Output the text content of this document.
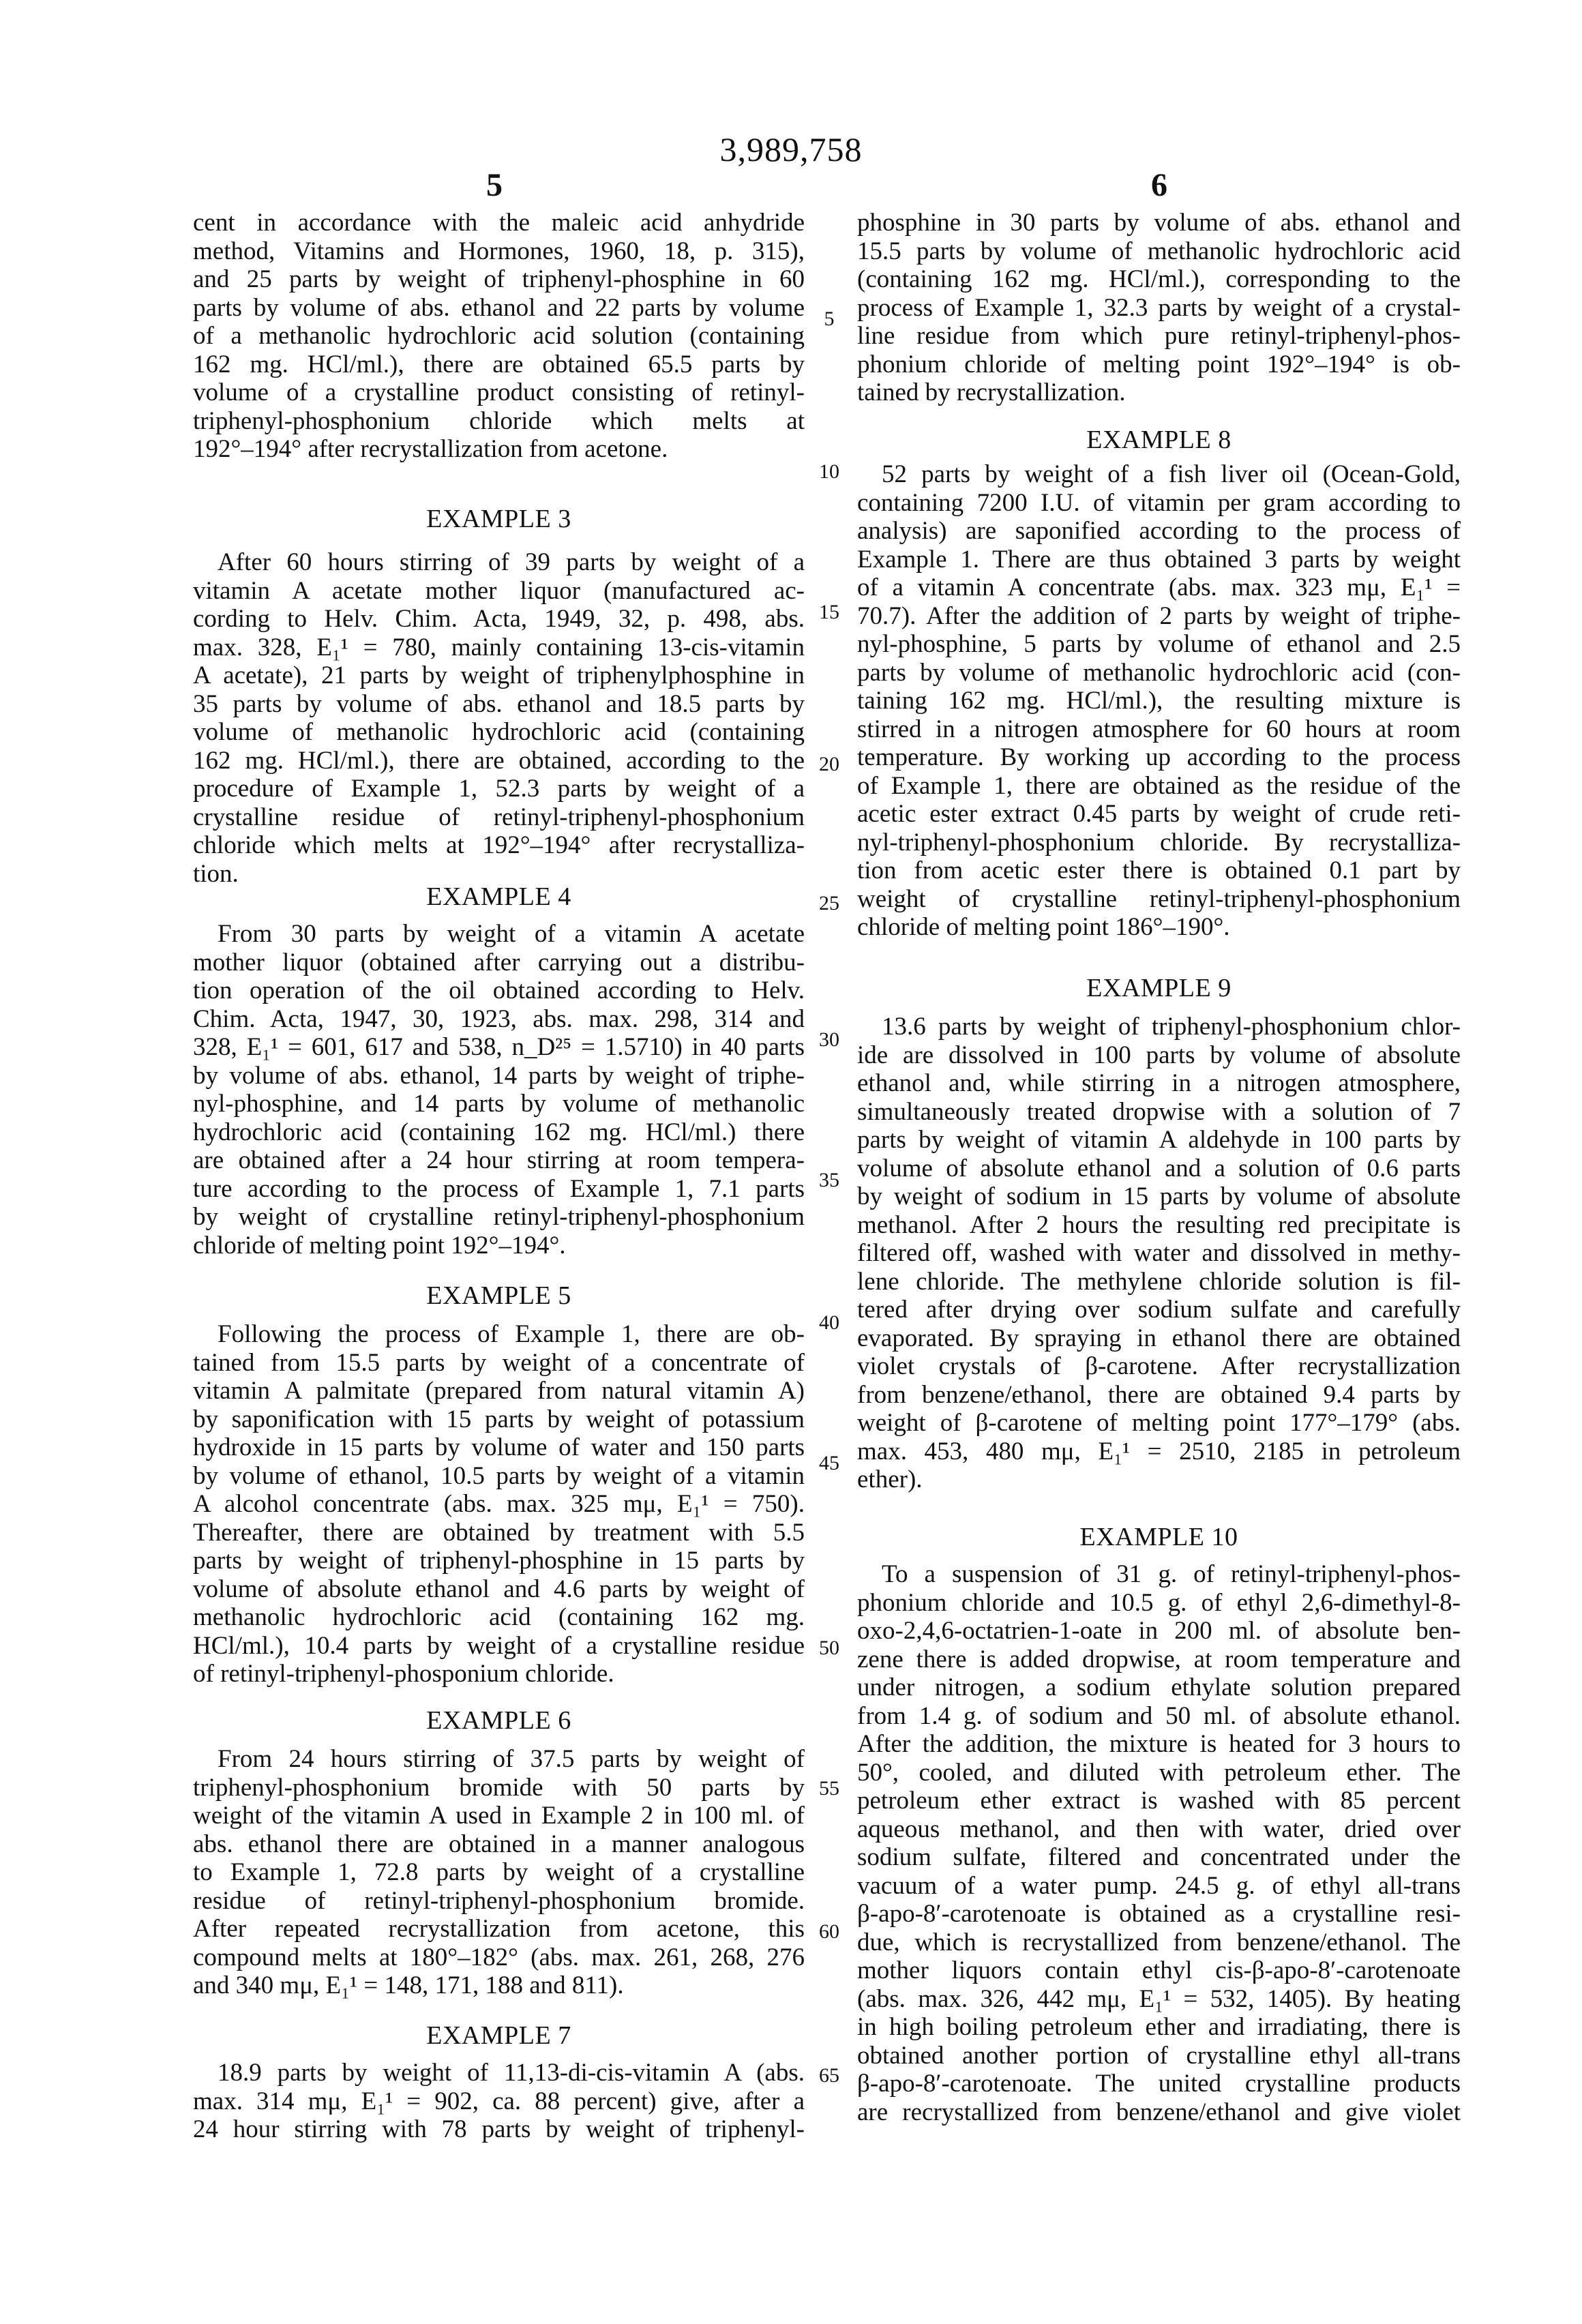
3,989,758
5	6
cent in accordance with the maleic acid anhydride
method, Vitamins and Hormones, 1960, 18, p. 315),
and 25 parts by weight of triphenyl-phosphine in 60
parts by volume of abs. ethanol and 22 parts by volume
of a methanolic hydrochloric acid solution (containing
162 mg. HCl/ml.), there are obtained 65.5 parts by
volume of a crystalline product consisting of retinyl-
triphenyl-phosphonium chloride which melts at
192°–194° after recrystallization from acetone.
EXAMPLE 3
After 60 hours stirring of 39 parts by weight of a
vitamin A acetate mother liquor (manufactured ac-
cording to Helv. Chim. Acta, 1949, 32, p. 498, abs.
max. 328, E₁¹ = 780, mainly containing 13-cis-vitamin
A acetate), 21 parts by weight of triphenylphosphine in
35 parts by volume of abs. ethanol and 18.5 parts by
volume of methanolic hydrochloric acid (containing
162 mg. HCl/ml.), there are obtained, according to the
procedure of Example 1, 52.3 parts by weight of a
crystalline residue of retinyl-triphenyl-phosphonium
chloride which melts at 192°–194° after recrystalliza-
tion.
EXAMPLE 4
From 30 parts by weight of a vitamin A acetate
mother liquor (obtained after carrying out a distribu-
tion operation of the oil obtained according to Helv.
Chim. Acta, 1947, 30, 1923, abs. max. 298, 314 and
328, E₁¹ = 601, 617 and 538, n_D²⁵ = 1.5710) in 40 parts
by volume of abs. ethanol, 14 parts by weight of triphe-
nyl-phosphine, and 14 parts by volume of methanolic
hydrochloric acid (containing 162 mg. HCl/ml.) there
are obtained after a 24 hour stirring at room tempera-
ture according to the process of Example 1, 7.1 parts
by weight of crystalline retinyl-triphenyl-phosphonium
chloride of melting point 192°–194°.
EXAMPLE 5
Following the process of Example 1, there are ob-
tained from 15.5 parts by weight of a concentrate of
vitamin A palmitate (prepared from natural vitamin A)
by saponification with 15 parts by weight of potassium
hydroxide in 15 parts by volume of water and 150 parts
by volume of ethanol, 10.5 parts by weight of a vitamin
A alcohol concentrate (abs. max. 325 mμ, E₁¹ = 750).
Thereafter, there are obtained by treatment with 5.5
parts by weight of triphenyl-phosphine in 15 parts by
volume of absolute ethanol and 4.6 parts by weight of
methanolic hydrochloric acid (containing 162 mg.
HCl/ml.), 10.4 parts by weight of a crystalline residue
of retinyl-triphenyl-phosponium chloride.
EXAMPLE 6
From 24 hours stirring of 37.5 parts by weight of
triphenyl-phosphonium bromide with 50 parts by
weight of the vitamin A used in Example 2 in 100 ml. of
abs. ethanol there are obtained in a manner analogous
to Example 1, 72.8 parts by weight of a crystalline
residue of retinyl-triphenyl-phosphonium bromide.
After repeated recrystallization from acetone, this
compound melts at 180°–182° (abs. max. 261, 268, 276
and 340 mμ, E₁¹ = 148, 171, 188 and 811).
EXAMPLE 7
18.9 parts by weight of 11,13-di-cis-vitamin A (abs.
max. 314 mμ, E₁¹ = 902, ca. 88 percent) give, after a
24 hour stirring with 78 parts by weight of triphenyl-
phosphine in 30 parts by volume of abs. ethanol and
15.5 parts by volume of methanolic hydrochloric acid
(containing 162 mg. HCl/ml.), corresponding to the
process of Example 1, 32.3 parts by weight of a crystal-
line residue from which pure retinyl-triphenyl-phos-
phonium chloride of melting point 192°–194° is ob-
tained by recrystallization.
EXAMPLE 8
52 parts by weight of a fish liver oil (Ocean-Gold,
containing 7200 I.U. of vitamin per gram according to
analysis) are saponified according to the process of
Example 1. There are thus obtained 3 parts by weight
of a vitamin A concentrate (abs. max. 323 mμ, E₁¹ =
70.7). After the addition of 2 parts by weight of triphe-
nyl-phosphine, 5 parts by volume of ethanol and 2.5
parts by volume of methanolic hydrochloric acid (con-
taining 162 mg. HCl/ml.), the resulting mixture is
stirred in a nitrogen atmosphere for 60 hours at room
temperature. By working up according to the process
of Example 1, there are obtained as the residue of the
acetic ester extract 0.45 parts by weight of crude reti-
nyl-triphenyl-phosphonium chloride. By recrystalliza-
tion from acetic ester there is obtained 0.1 part by
weight of crystalline retinyl-triphenyl-phosphonium
chloride of melting point 186°–190°.
EXAMPLE 9
13.6 parts by weight of triphenyl-phosphonium chlor-
ide are dissolved in 100 parts by volume of absolute
ethanol and, while stirring in a nitrogen atmosphere,
simultaneously treated dropwise with a solution of 7
parts by weight of vitamin A aldehyde in 100 parts by
volume of absolute ethanol and a solution of 0.6 parts
by weight of sodium in 15 parts by volume of absolute
methanol. After 2 hours the resulting red precipitate is
filtered off, washed with water and dissolved in methy-
lene chloride. The methylene chloride solution is fil-
tered after drying over sodium sulfate and carefully
evaporated. By spraying in ethanol there are obtained
violet crystals of β-carotene. After recrystallization
from benzene/ethanol, there are obtained 9.4 parts by
weight of β-carotene of melting point 177°–179° (abs.
max. 453, 480 mμ, E₁¹ = 2510, 2185 in petroleum
ether).
EXAMPLE 10
To a suspension of 31 g. of retinyl-triphenyl-phos-
phonium chloride and 10.5 g. of ethyl 2,6-dimethyl-8-
oxo-2,4,6-octatrien-1-oate in 200 ml. of absolute ben-
zene there is added dropwise, at room temperature and
under nitrogen, a sodium ethylate solution prepared
from 1.4 g. of sodium and 50 ml. of absolute ethanol.
After the addition, the mixture is heated for 3 hours to
50°, cooled, and diluted with petroleum ether. The
petroleum ether extract is washed with 85 percent
aqueous methanol, and then with water, dried over
sodium sulfate, filtered and concentrated under the
vacuum of a water pump. 24.5 g. of ethyl all-trans
β-apo-8′-carotenoate is obtained as a crystalline resi-
due, which is recrystallized from benzene/ethanol. The
mother liquors contain ethyl cis-β-apo-8′-carotenoate
(abs. max. 326, 442 mμ, E₁¹ = 532, 1405). By heating
in high boiling petroleum ether and irradiating, there is
obtained another portion of crystalline ethyl all-trans
β-apo-8′-carotenoate. The united crystalline products
are recrystallized from benzene/ethanol and give violet
5
10
15
20
25
30
35
40
45
50
55
60
65
